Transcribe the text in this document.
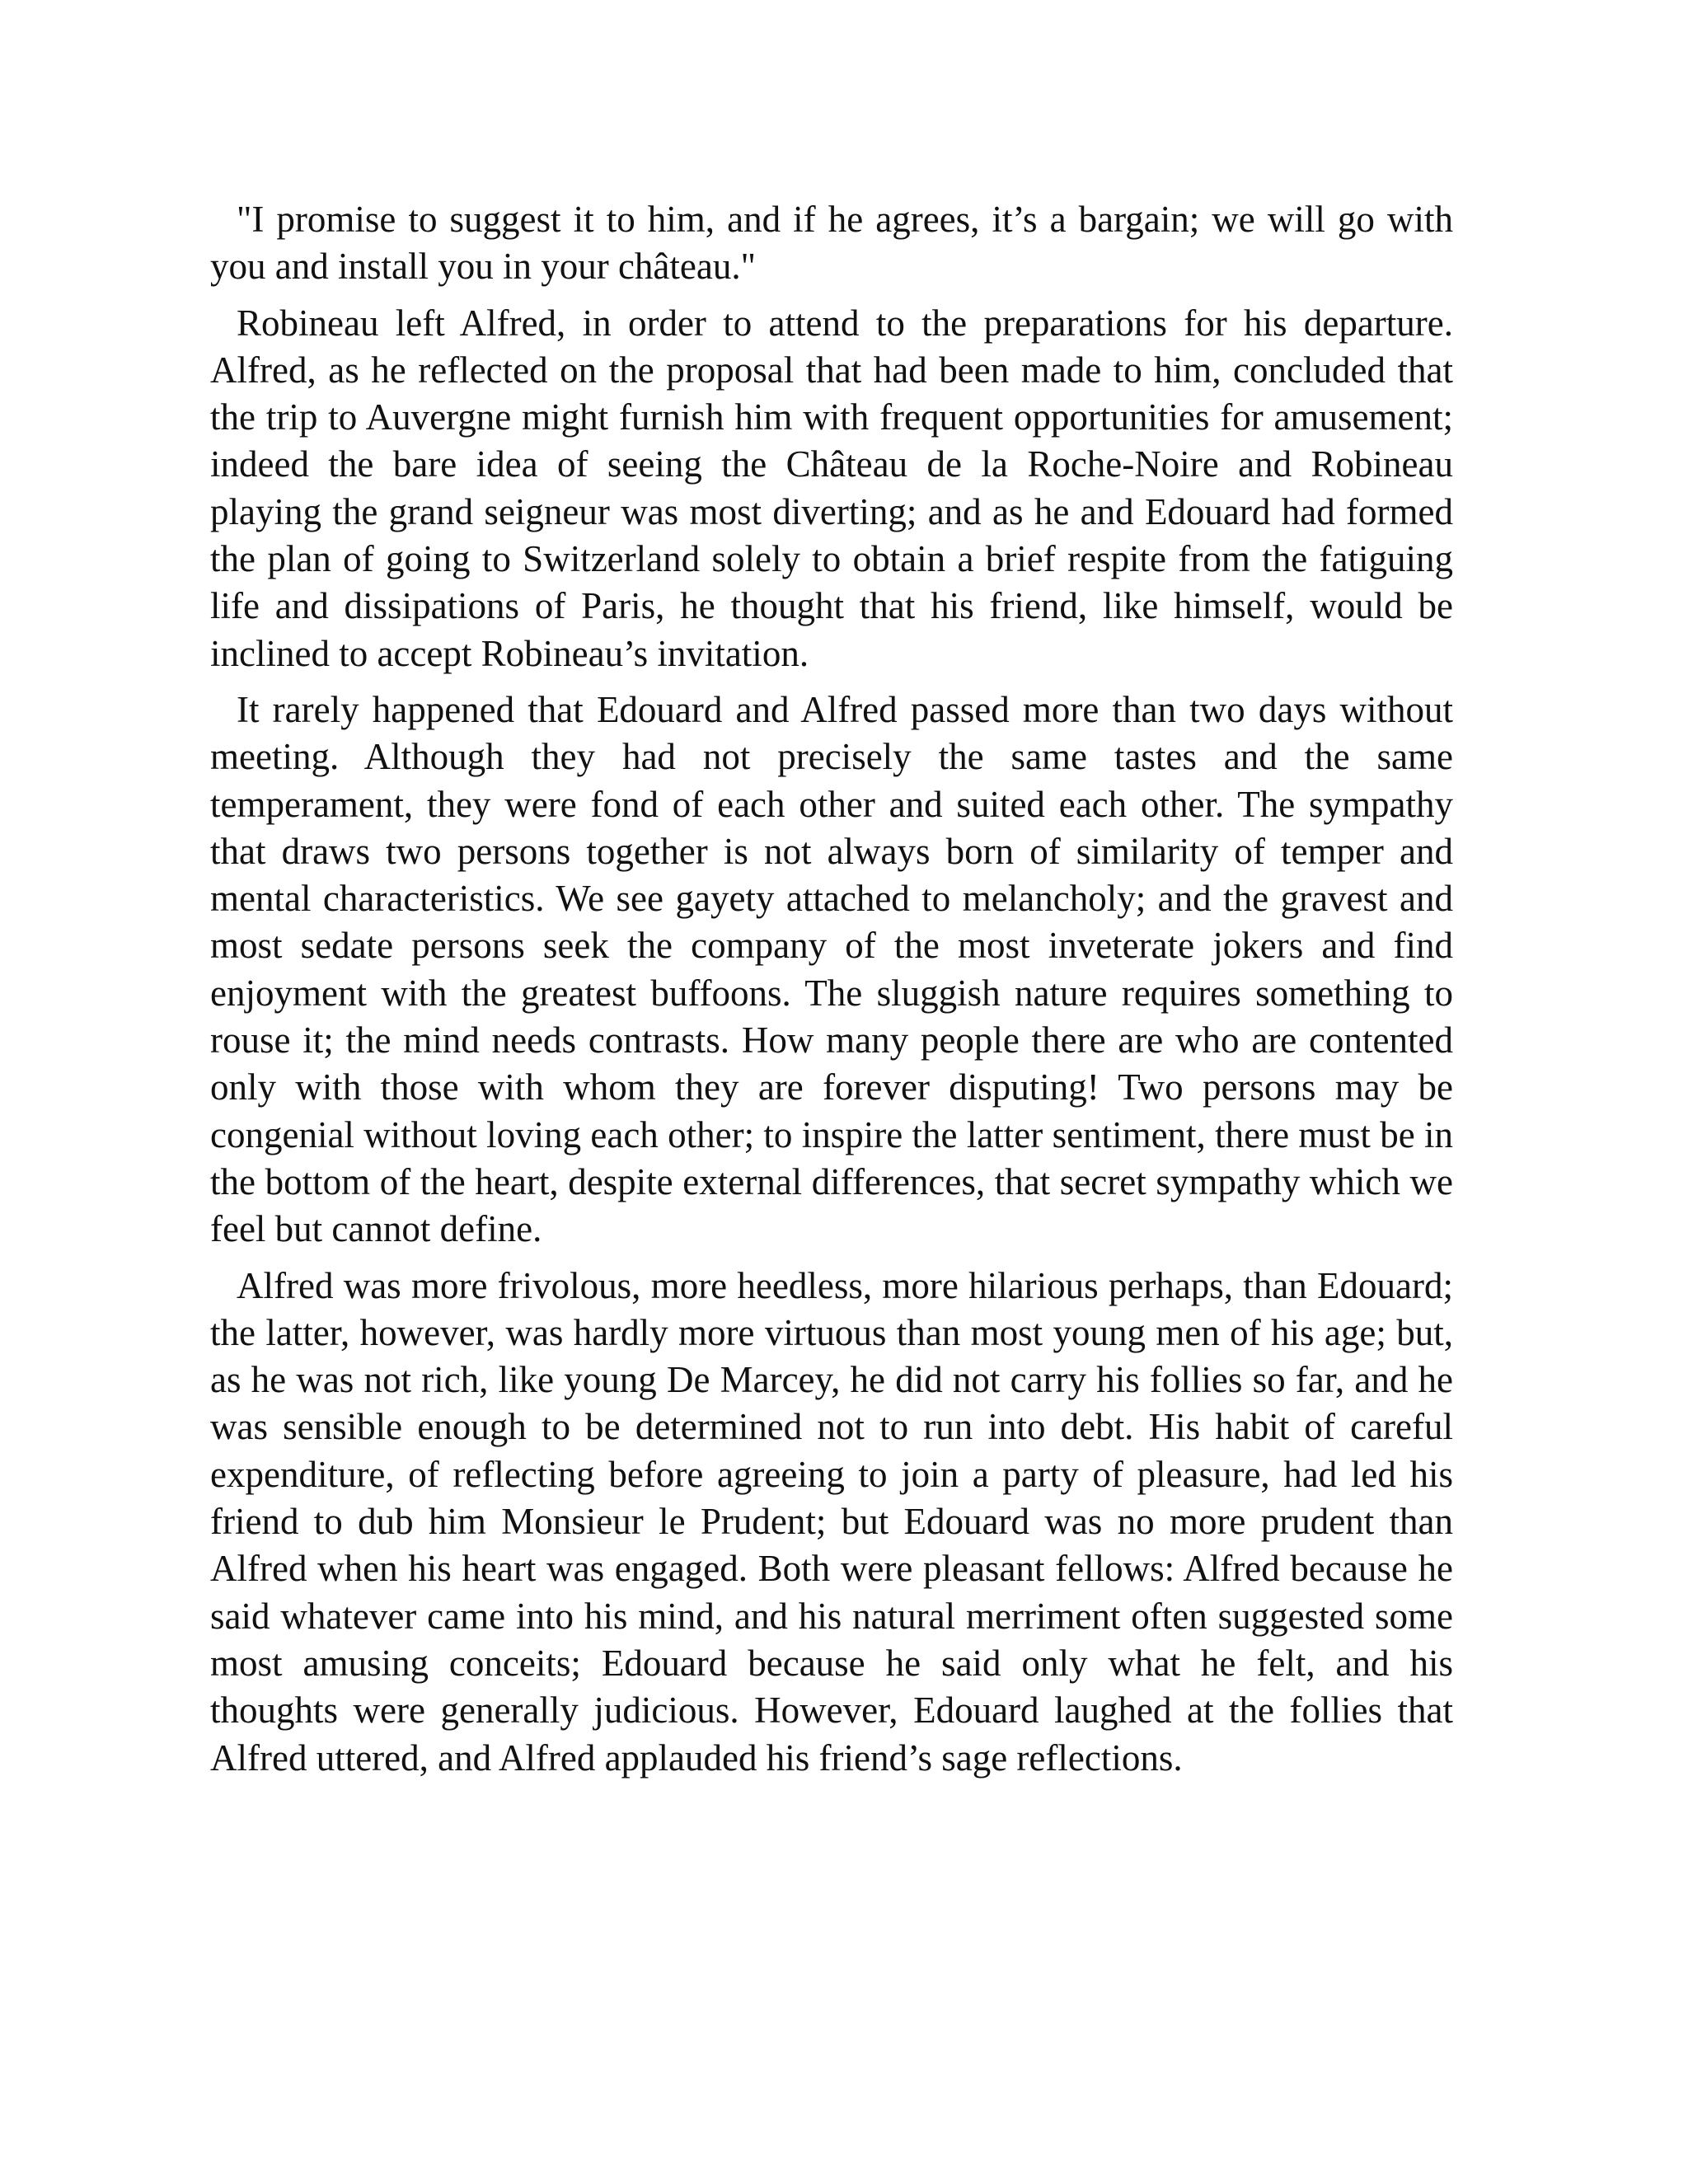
"I promise to suggest it to him, and if he agrees, it’s a bargain; we will go with you and install you in your château."

Robineau left Alfred, in order to attend to the preparations for his departure. Alfred, as he reflected on the proposal that had been made to him, concluded that the trip to Auvergne might furnish him with frequent opportunities for amusement; indeed the bare idea of seeing the Château de la Roche-Noire and Robineau playing the grand seigneur was most diverting; and as he and Edouard had formed the plan of going to Switzerland solely to obtain a brief respite from the fatiguing life and dissipations of Paris, he thought that his friend, like himself, would be inclined to accept Robineau’s invitation.

It rarely happened that Edouard and Alfred passed more than two days without meeting. Although they had not precisely the same tastes and the same temperament, they were fond of each other and suited each other. The sympathy that draws two persons together is not always born of similarity of temper and mental characteristics. We see gayety attached to melancholy; and the gravest and most sedate persons seek the company of the most inveterate jokers and find enjoyment with the greatest buffoons. The sluggish nature requires something to rouse it; the mind needs contrasts. How many people there are who are contented only with those with whom they are forever disputing! Two persons may be congenial without loving each other; to inspire the latter sentiment, there must be in the bottom of the heart, despite external differences, that secret sympathy which we feel but cannot define.

Alfred was more frivolous, more heedless, more hilarious perhaps, than Edouard; the latter, however, was hardly more virtuous than most young men of his age; but, as he was not rich, like young De Marcey, he did not carry his follies so far, and he was sensible enough to be determined not to run into debt. His habit of careful expenditure, of reflecting before agreeing to join a party of pleasure, had led his friend to dub him Monsieur le Prudent; but Edouard was no more prudent than Alfred when his heart was engaged. Both were pleasant fellows: Alfred because he said whatever came into his mind, and his natural merriment often suggested some most amusing conceits; Edouard because he said only what he felt, and his thoughts were generally judicious. However, Edouard laughed at the follies that Alfred uttered, and Alfred applauded his friend’s sage reflections.
